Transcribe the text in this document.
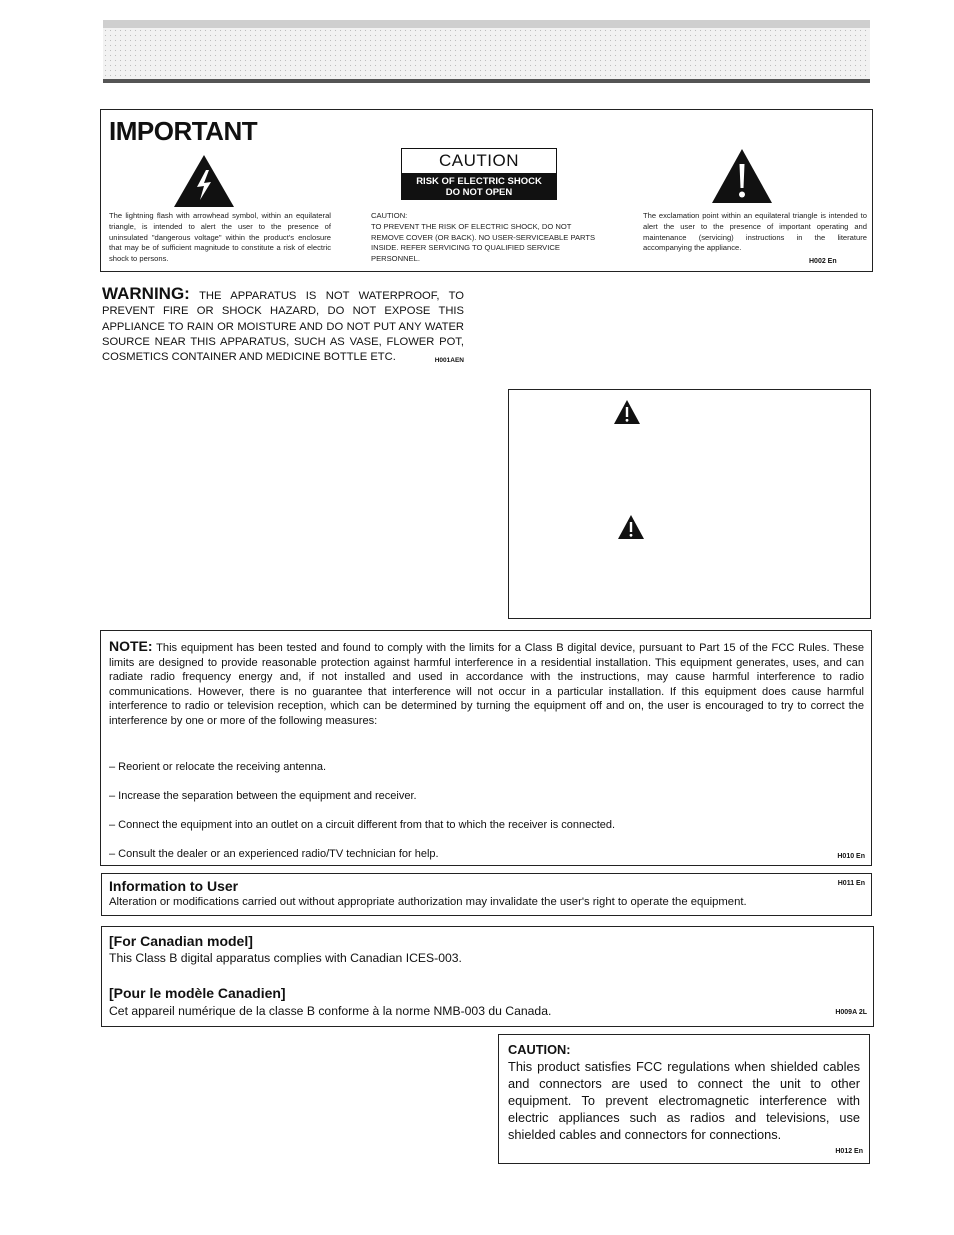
IMPORTANT
The lightning flash with arrowhead symbol, within an equilateral triangle, is intended to alert the user to the presence of uninsulated "dangerous voltage" within the product's enclosure that may be of sufficient magnitude to constitute a risk of electric shock to persons.
CAUTION
RISK OF ELECTRIC SHOCK
DO NOT OPEN
CAUTION:
TO PREVENT THE RISK OF ELECTRIC SHOCK, DO NOT REMOVE COVER (OR BACK). NO USER-SERVICEABLE PARTS INSIDE. REFER SERVICING TO QUALIFIED SERVICE PERSONNEL.
The exclamation point within an equilateral triangle is intended to alert the user to the presence of important operating and maintenance (servicing) instructions in the literature accompanying the appliance.
H002 En
WARNING: THE APPARATUS IS NOT WATERPROOF, TO PREVENT FIRE OR SHOCK HAZARD, DO NOT EXPOSE THIS APPLIANCE TO RAIN OR MOISTURE AND DO NOT PUT ANY WATER SOURCE NEAR THIS APPARATUS, SUCH AS VASE, FLOWER POT, COSMETICS CONTAINER AND MEDICINE BOTTLE ETC.	H001AEN
NOTE: This equipment has been tested and found to comply with the limits for a Class B digital device, pursuant to Part 15 of the FCC Rules. These limits are designed to provide reasonable protection against harmful interference in a residential installation. This equipment generates, uses, and can radiate radio frequency energy and, if not installed and used in accordance with the instructions, may cause harmful interference to radio communications. However, there is no guarantee that interference will not occur in a particular installation. If this equipment does cause harmful interference to radio or television reception, which can be determined by turning the equipment off and on, the user is encouraged to try to correct the interference by one or more of the following measures:
– Reorient or relocate the receiving antenna.
– Increase the separation between the equipment and receiver.
– Connect the equipment into an outlet on a circuit different from that to which the receiver is connected.
– Consult the dealer or an experienced radio/TV technician for help.	H010 En
Information to User
Alteration or modifications carried out without appropriate authorization may invalidate the user's right to operate the equipment.
H011 En
[For Canadian model]
This Class B digital apparatus complies with Canadian ICES-003.
[Pour le modèle Canadien]
Cet appareil numérique de la classe B conforme à la norme NMB-003 du Canada.	H009A 2L
CAUTION:
This product satisfies FCC regulations when shielded cables and connectors are used to connect the unit to other equipment. To prevent electromagnetic interference with electric appliances such as radios and televisions, use shielded cables and connectors for connections.
H012 En
